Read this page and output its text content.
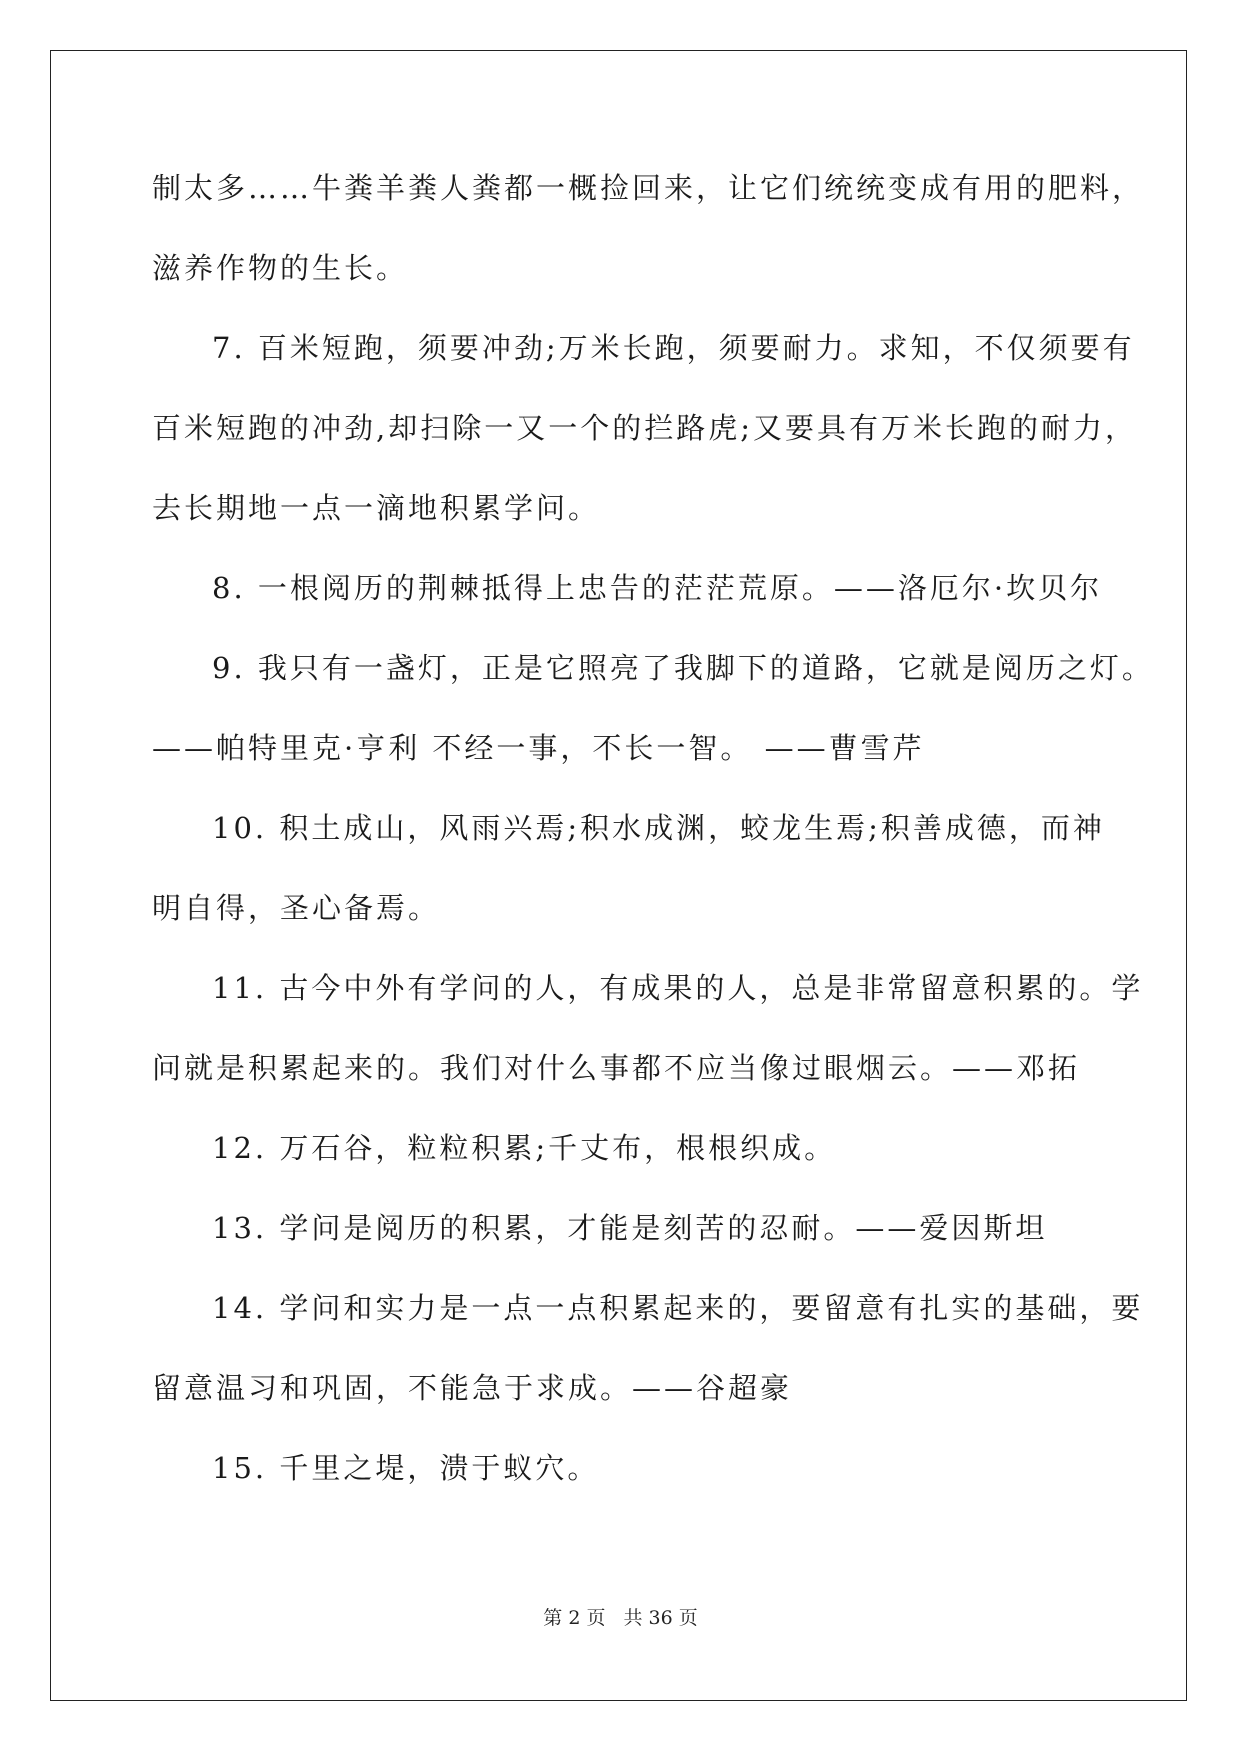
制太多……牛粪羊粪人粪都一概捡回来，让它们统统变成有用的肥料，
滋养作物的生长。
7. 百米短跑，须要冲劲;万米长跑，须要耐力。求知，不仅须要有
百米短跑的冲劲,却扫除一又一个的拦路虎;又要具有万米长跑的耐力，
去长期地一点一滴地积累学问。
8. 一根阅历的荆棘抵得上忠告的茫茫荒原。——洛厄尔·坎贝尔
9. 我只有一盏灯，正是它照亮了我脚下的道路，它就是阅历之灯。
——帕特里克·亨利 不经一事，不长一智。 ——曹雪芹
10. 积土成山，风雨兴焉;积水成渊，蛟龙生焉;积善成德，而神
明自得，圣心备焉。
11. 古今中外有学问的人，有成果的人，总是非常留意积累的。学
问就是积累起来的。我们对什么事都不应当像过眼烟云。——邓拓
12. 万石谷，粒粒积累;千丈布，根根织成。
13. 学问是阅历的积累，才能是刻苦的忍耐。——爱因斯坦
14. 学问和实力是一点一点积累起来的，要留意有扎实的基础，要
留意温习和巩固，不能急于求成。——谷超豪
15. 千里之堤，溃于蚁穴。
第 2 页 共 36 页
